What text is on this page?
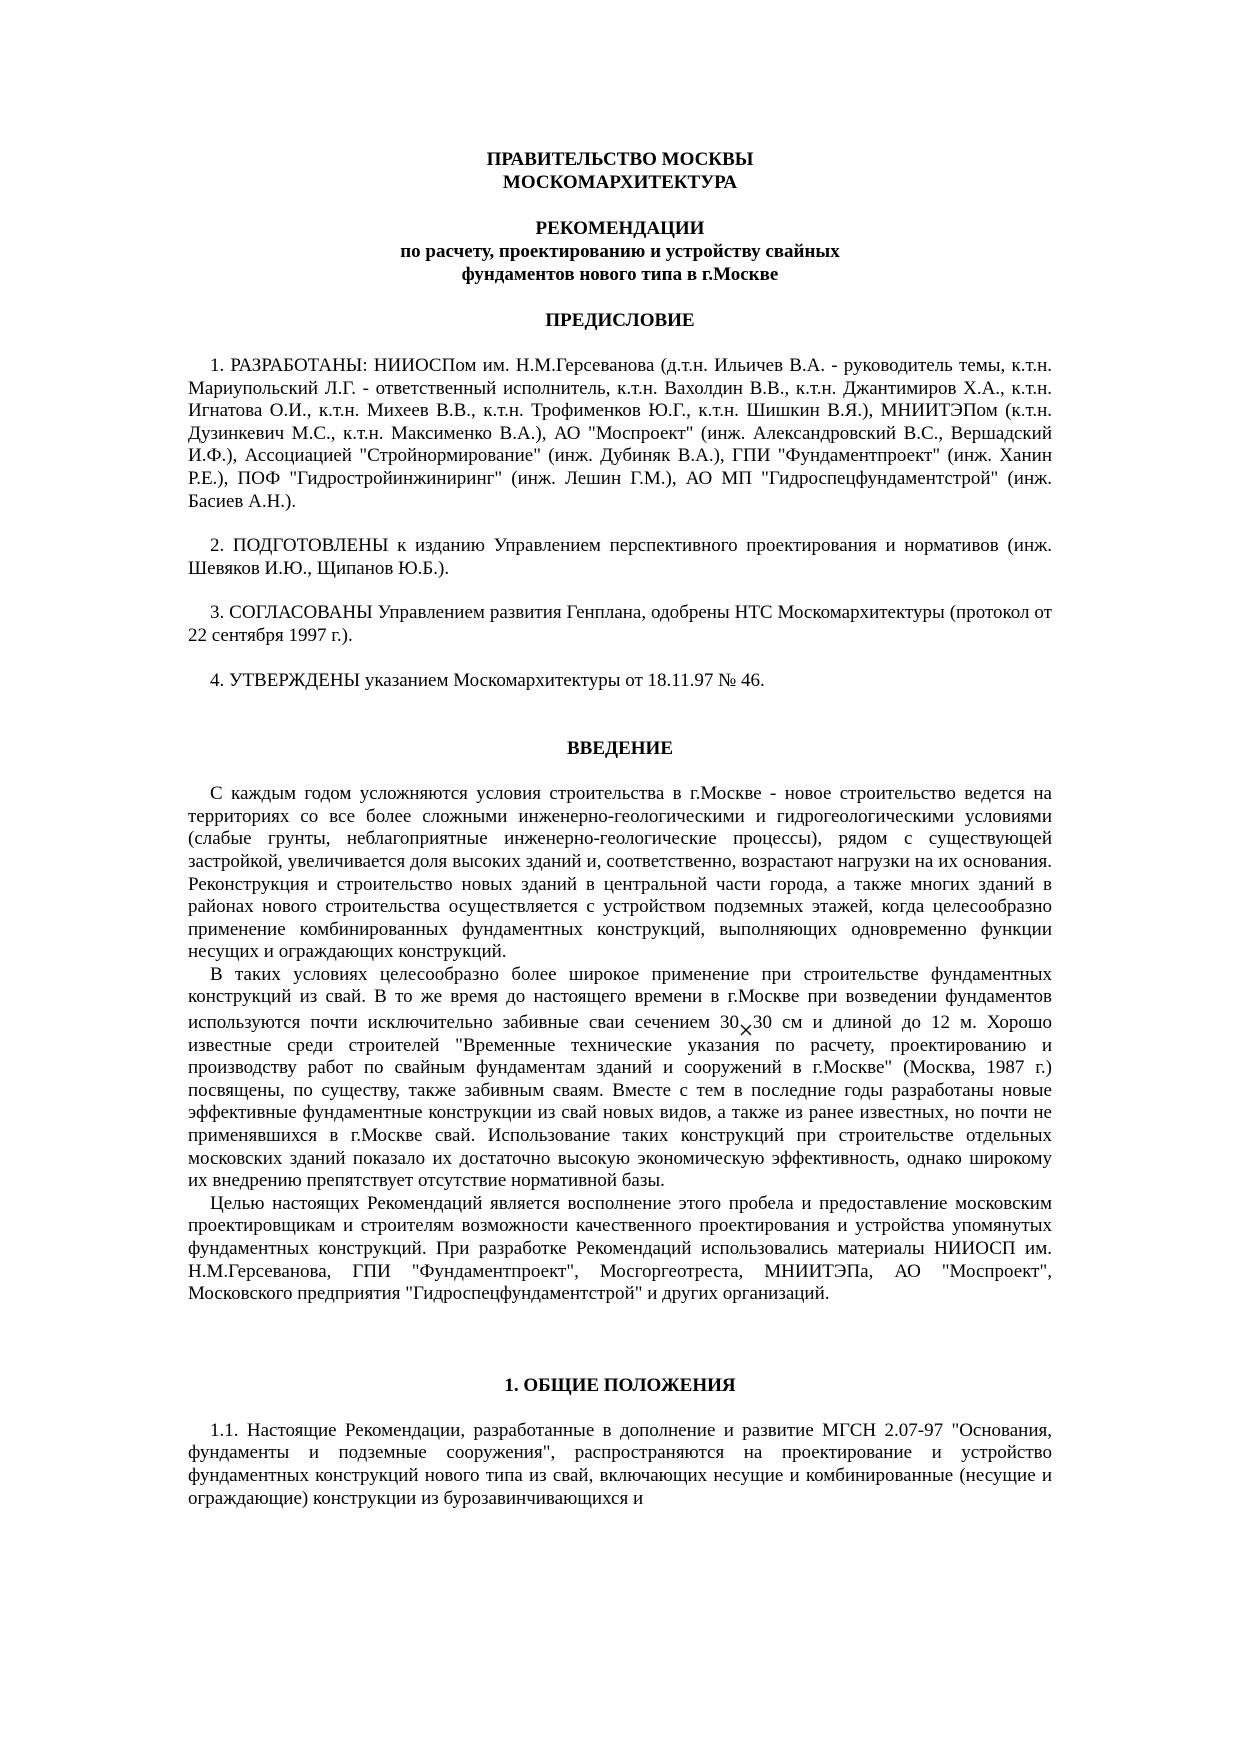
ПРАВИТЕЛЬСТВО МОСКВЫ
МОСКОМАРХИТЕКТУРА
РЕКОМЕНДАЦИИ
по расчету, проектированию и устройству свайных
фундаментов нового типа в г.Москве
ПРЕДИСЛОВИЕ

1. РАЗРАБОТАНЫ: НИИОСПом им. Н.М.Герсеванова (д.т.н. Ильичев В.А. - руководитель темы, к.т.н. Мариупольский Л.Г. - ответственный исполнитель, к.т.н. Вахолдин В.В., к.т.н. Джантимиров Х.А., к.т.н. Игнатова О.И., к.т.н. Михеев В.В., к.т.н. Трофименков Ю.Г., к.т.н. Шишкин В.Я.), МНИИТЭПом (к.т.н. Дузинкевич М.С., к.т.н. Максименко В.А.), АО "Моспроект" (инж. Александровский В.С., Вершадский И.Ф.), Ассоциацией "Стройнормирование" (инж. Дубиняк В.А.), ГПИ "Фундаментпроект" (инж. Ханин Р.Е.), ПОФ "Гидростройинжиниринг" (инж. Лешин Г.М.), АО МП "Гидроспецфундаментстрой" (инж. Басиев А.Н.).

2. ПОДГОТОВЛЕНЫ к изданию Управлением перспективного проектирования и нормативов (инж. Шевяков И.Ю., Щипанов Ю.Б.).

3. СОГЛАСОВАНЫ Управлением развития Генплана, одобрены НТС Москомархитектуры (протокол от 22 сентября 1997 г.).

4. УТВЕРЖДЕНЫ указанием Москомархитектуры от 18.11.97 № 46.

ВВЕДЕНИЕ

С каждым годом усложняются условия строительства в г.Москве - новое строительство ведется на территориях со все более сложными инженерно-геологическими и гидрогеологическими условиями (слабые грунты, неблагоприятные инженерно-геологические процессы), рядом с существующей застройкой, увеличивается доля высоких зданий и, соответственно, возрастают нагрузки на их основания. Реконструкция и строительство новых зданий в центральной части города, а также многих зданий в районах нового строительства осуществляется с устройством подземных этажей, когда целесообразно применение комбинированных фундаментных конструкций, выполняющих одновременно функции несущих и ограждающих конструкций.

В таких условиях целесообразно более широкое применение при строительстве фундаментных конструкций из свай. В то же время до настоящего времени в г.Москве при возведении фундаментов используются почти исключительно забивные сваи сечением 30 30 см и длиной до 12 м. Хорошо известные среди строителей "Временные технические указания по расчету, проектированию и производству работ по свайным фундаментам зданий и сооружений в г.Москве" (Москва, 1987 г.) посвящены, по существу, также забивным сваям. Вместе с тем в последние годы разработаны новые эффективные фундаментные конструкции из свай новых видов, а также из ранее известных, но почти не применявшихся в г.Москве свай. Использование таких конструкций при строительстве отдельных московских зданий показало их достаточно высокую экономическую эффективность, однако широкому их внедрению препятствует отсутствие нормативной базы.

Целью настоящих Рекомендаций является восполнение этого пробела и предоставление московским проектировщикам и строителям возможности качественного проектирования и устройства упомянутых фундаментных конструкций. При разработке Рекомендаций использовались материалы НИИОСП им. Н.М.Герсеванова, ГПИ "Фундаментпроект", Мосгоргеотреста, МНИИТЭПа, АО "Моспроект", Московского предприятия "Гидроспецфундаментстрой" и других организаций.

1. ОБЩИЕ ПОЛОЖЕНИЯ

1.1. Настоящие Рекомендации, разработанные в дополнение и развитие МГСН 2.07-97 "Основания, фундаменты и подземные сооружения", распространяются на проектирование и устройство фундаментных конструкций нового типа из свай, включающих несущие и комбинированные (несущие и ограждающие) конструкции из бурозавинчивающихся и
